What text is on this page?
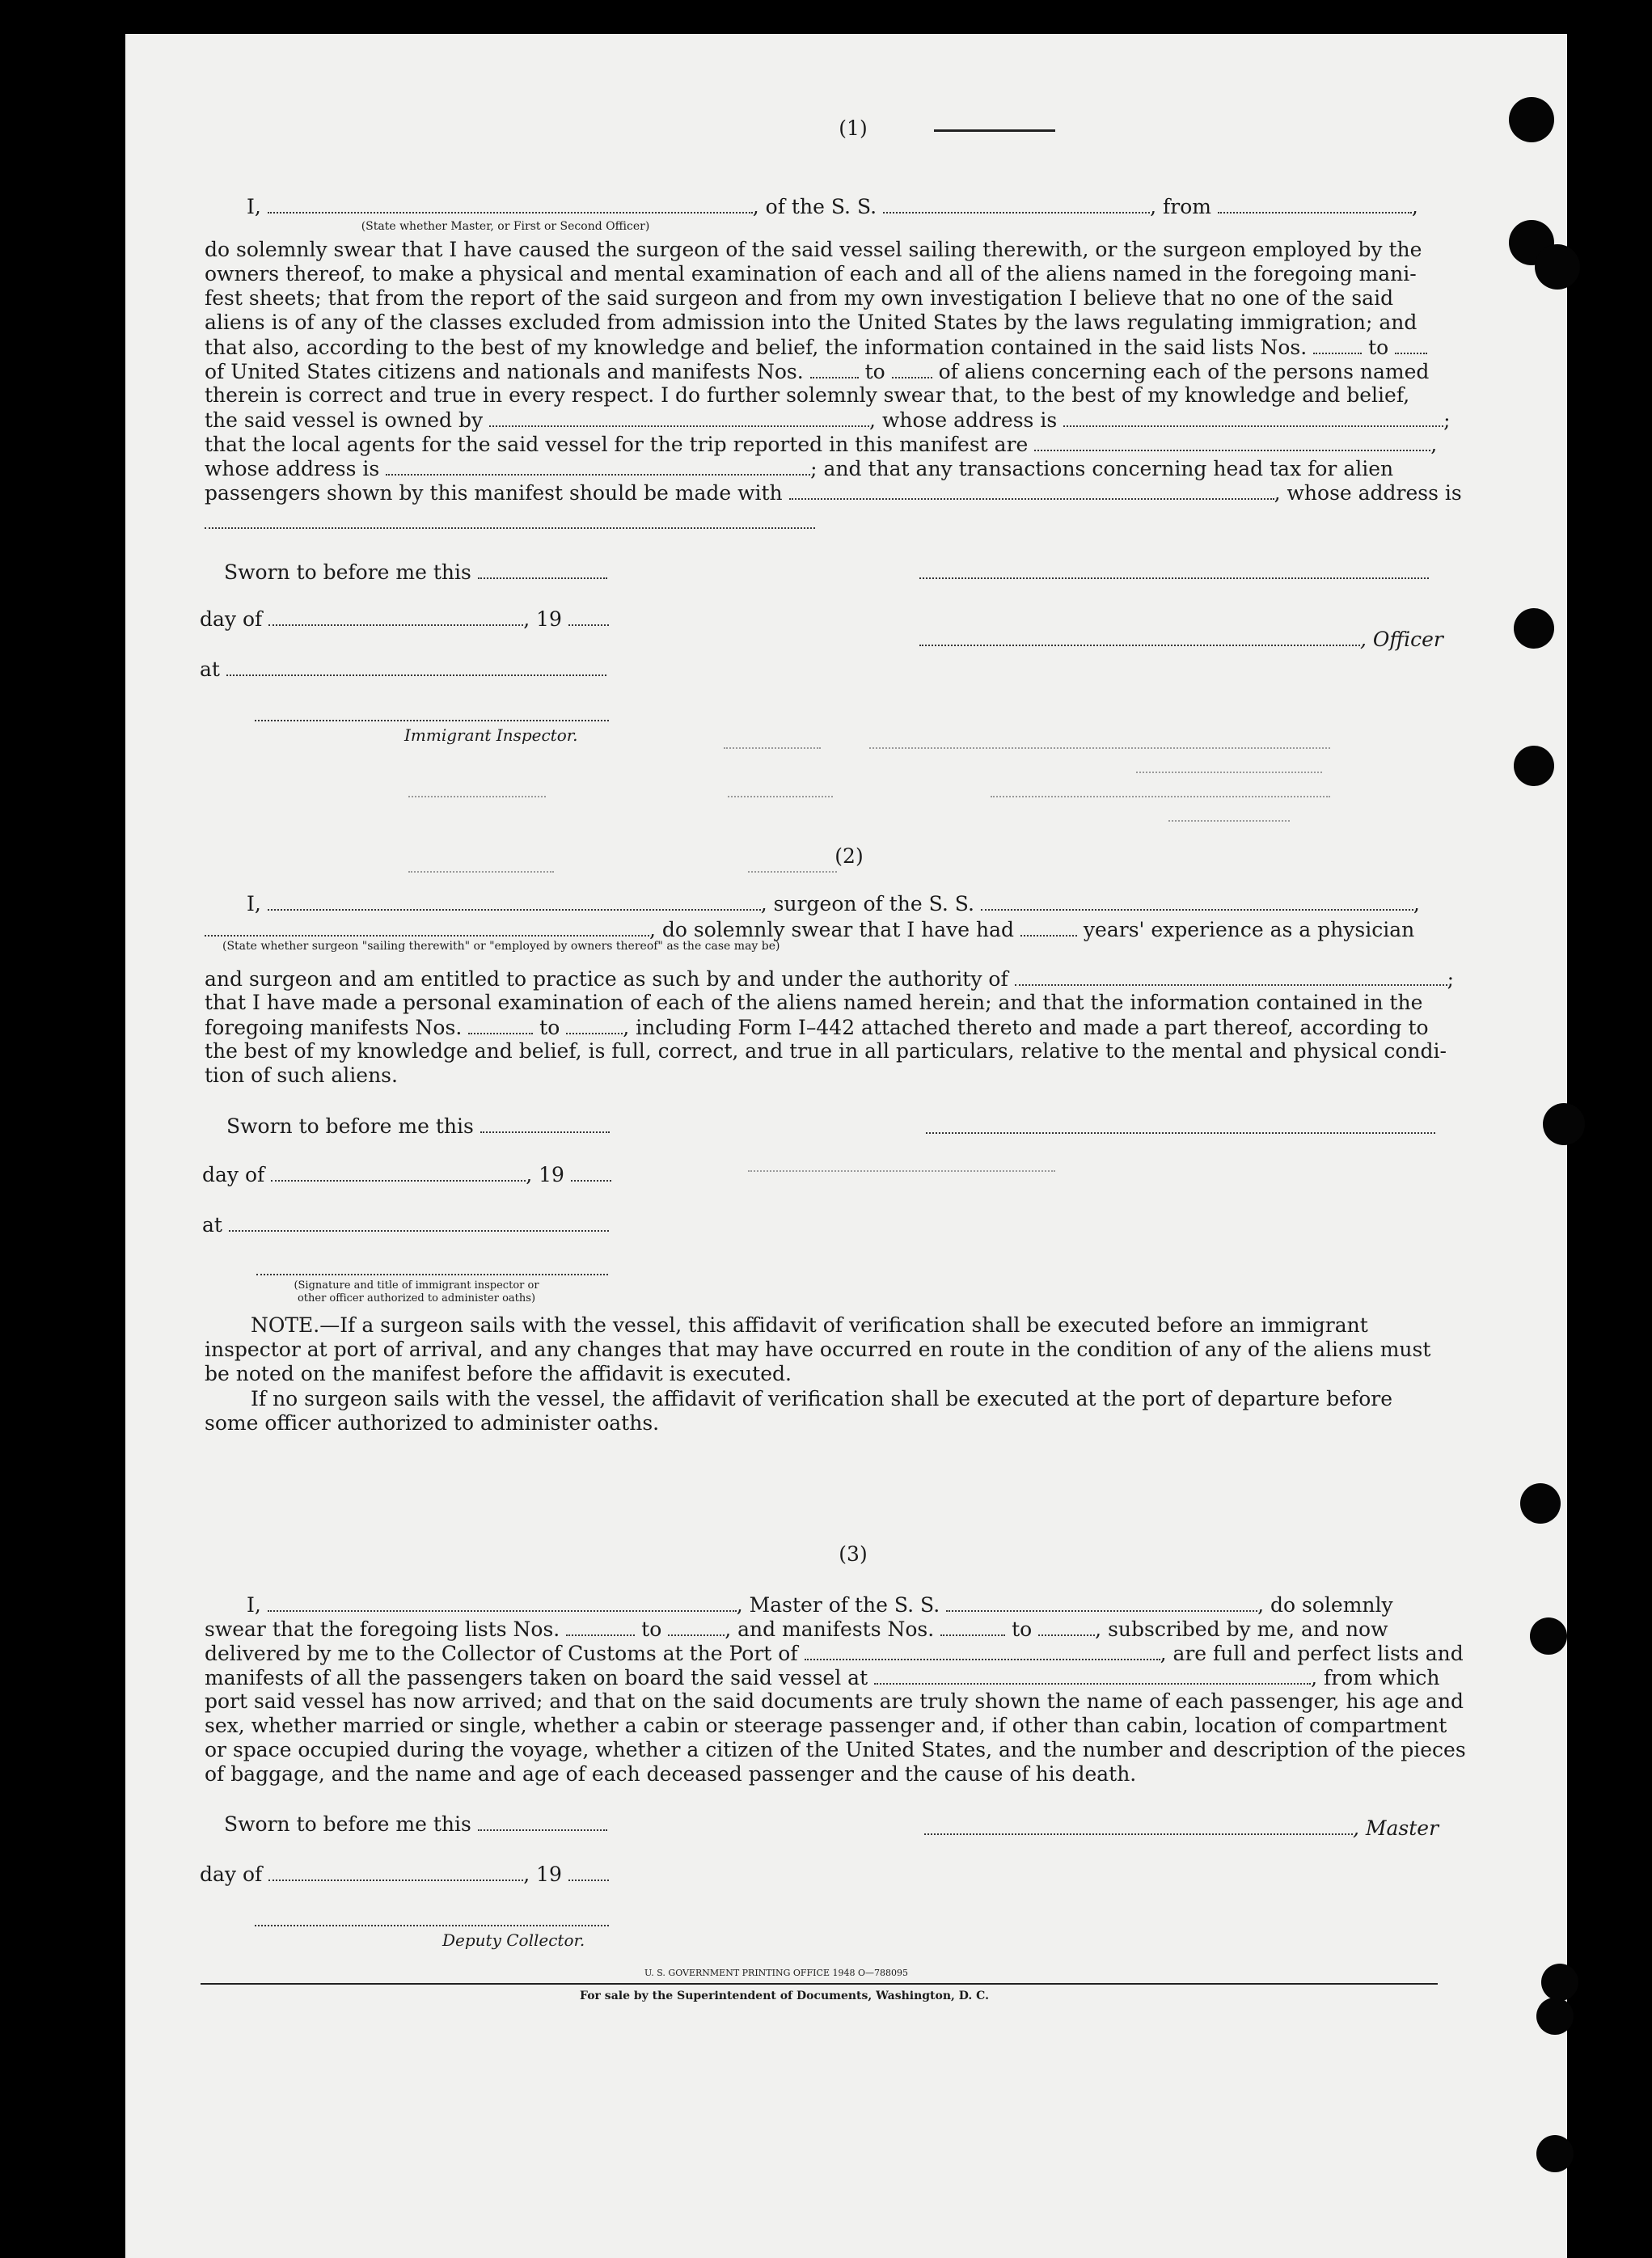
(1)
I,	, of the S. S.	, from	,
(State whether Master, or First or Second Officer)
do solemnly swear that I have caused the surgeon of the said vessel sailing therewith, or the surgeon employed by the
owners thereof, to make a physical and mental examination of each and all of the aliens named in the foregoing mani-
fest sheets; that from the report of the said surgeon and from my own investigation I believe that no one of the said
aliens is of any of the classes excluded from admission into the United States by the laws regulating immigration; and
that also, according to the best of my knowledge and belief, the information contained in the said lists Nos.	to
of United States citizens and nationals and manifests Nos.	to	of aliens concerning each of the persons named
therein is correct and true in every respect. I do further solemnly swear that, to the best of my knowledge and belief,
the said vessel is owned by	, whose address is	;
that the local agents for the said vessel for the trip reported in this manifest are	,
whose address is	; and that any transactions concerning head tax for alien
passengers shown by this manifest should be made with	, whose address is
Sworn to before me this
day of	, 19
, Officer
at
Immigrant Inspector.
(2)
I,	, surgeon of the S. S.	,
, do solemnly swear that I have had	years' experience as a physician
(State whether surgeon "sailing therewith" or "employed by owners thereof" as the case may be)
and surgeon and am entitled to practice as such by and under the authority of	;
that I have made a personal examination of each of the aliens named herein; and that the information contained in the
foregoing manifests Nos.	to	, including Form I–442 attached thereto and made a part thereof, according to
the best of my knowledge and belief, is full, correct, and true in all particulars, relative to the mental and physical condi-
tion of such aliens.
Sworn to before me this
day of	, 19
at
(Signature and title of immigrant inspector or
other officer authorized to administer oaths)
NOTE.—If a surgeon sails with the vessel, this affidavit of verification shall be executed before an immigrant
inspector at port of arrival, and any changes that may have occurred en route in the condition of any of the aliens must
be noted on the manifest before the affidavit is executed.
If no surgeon sails with the vessel, the affidavit of verification shall be executed at the port of departure before
some officer authorized to administer oaths.
(3)
I,	, Master of the S. S.	, do solemnly
swear that the foregoing lists Nos.	to	, and manifests Nos.	to	, subscribed by me, and now
delivered by me to the Collector of Customs at the Port of	, are full and perfect lists and
manifests of all the passengers taken on board the said vessel at	, from which
port said vessel has now arrived; and that on the said documents are truly shown the name of each passenger, his age and
sex, whether married or single, whether a cabin or steerage passenger and, if other than cabin, location of compartment
or space occupied during the voyage, whether a citizen of the United States, and the number and description of the pieces
of baggage, and the name and age of each deceased passenger and the cause of his death.
Sworn to before me this	, Master
day of	, 19
Deputy Collector.
U. S. GOVERNMENT PRINTING OFFICE 1948 O—788095
For sale by the Superintendent of Documents, Washington, D. C.
